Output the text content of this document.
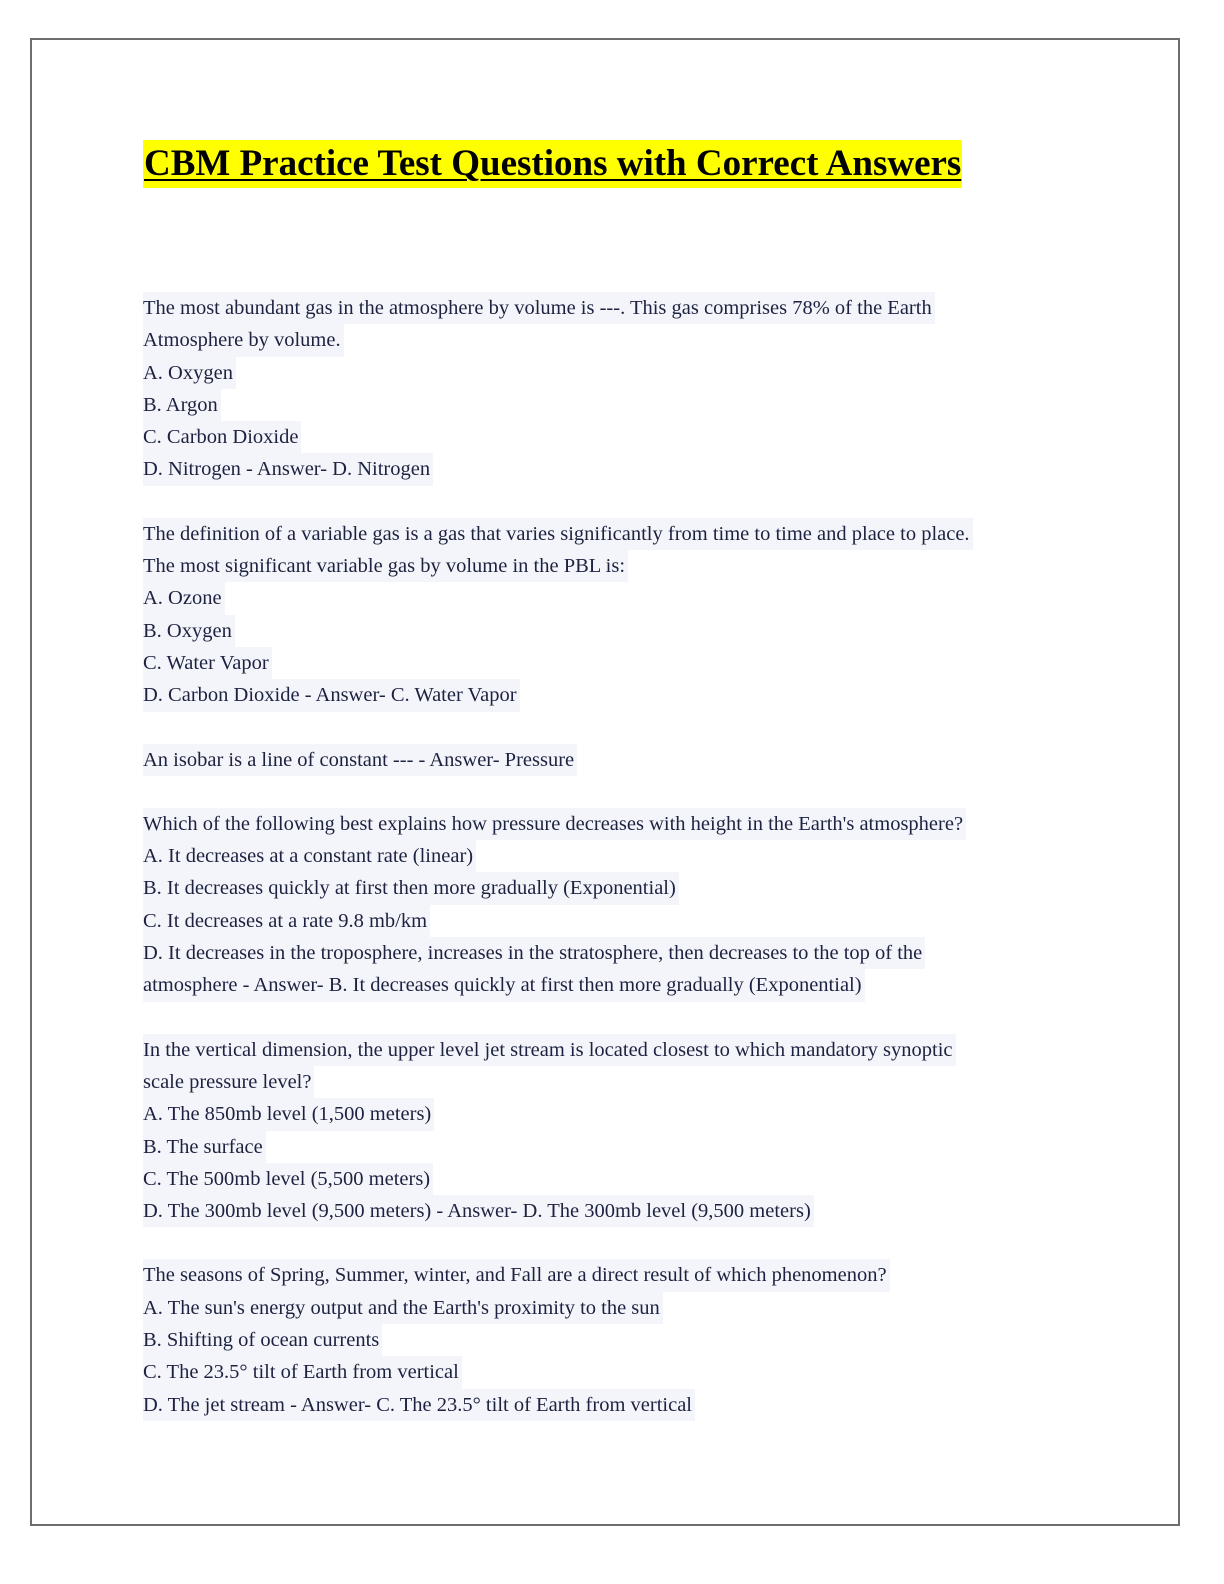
CBM Practice Test Questions with Correct Answers
The most abundant gas in the atmosphere by volume is ---. This gas comprises 78% of the Earth
Atmosphere by volume.
A. Oxygen
B. Argon
C. Carbon Dioxide
D. Nitrogen - Answer- D. Nitrogen
The definition of a variable gas is a gas that varies significantly from time to time and place to place.
The most significant variable gas by volume in the PBL is:
A. Ozone
B. Oxygen
C. Water Vapor
D. Carbon Dioxide - Answer- C. Water Vapor
An isobar is a line of constant --- - Answer- Pressure
Which of the following best explains how pressure decreases with height in the Earth's atmosphere?
A. It decreases at a constant rate (linear)
B. It decreases quickly at first then more gradually (Exponential)
C. It decreases at a rate 9.8 mb/km
D. It decreases in the troposphere, increases in the stratosphere, then decreases to the top of the
atmosphere - Answer- B. It decreases quickly at first then more gradually (Exponential)
In the vertical dimension, the upper level jet stream is located closest to which mandatory synoptic
scale pressure level?
A. The 850mb level (1,500 meters)
B. The surface
C. The 500mb level (5,500 meters)
D. The 300mb level (9,500 meters) - Answer- D. The 300mb level (9,500 meters)
The seasons of Spring, Summer, winter, and Fall are a direct result of which phenomenon?
A. The sun's energy output and the Earth's proximity to the sun
B. Shifting of ocean currents
C. The 23.5° tilt of Earth from vertical
D. The jet stream - Answer- C. The 23.5° tilt of Earth from vertical
